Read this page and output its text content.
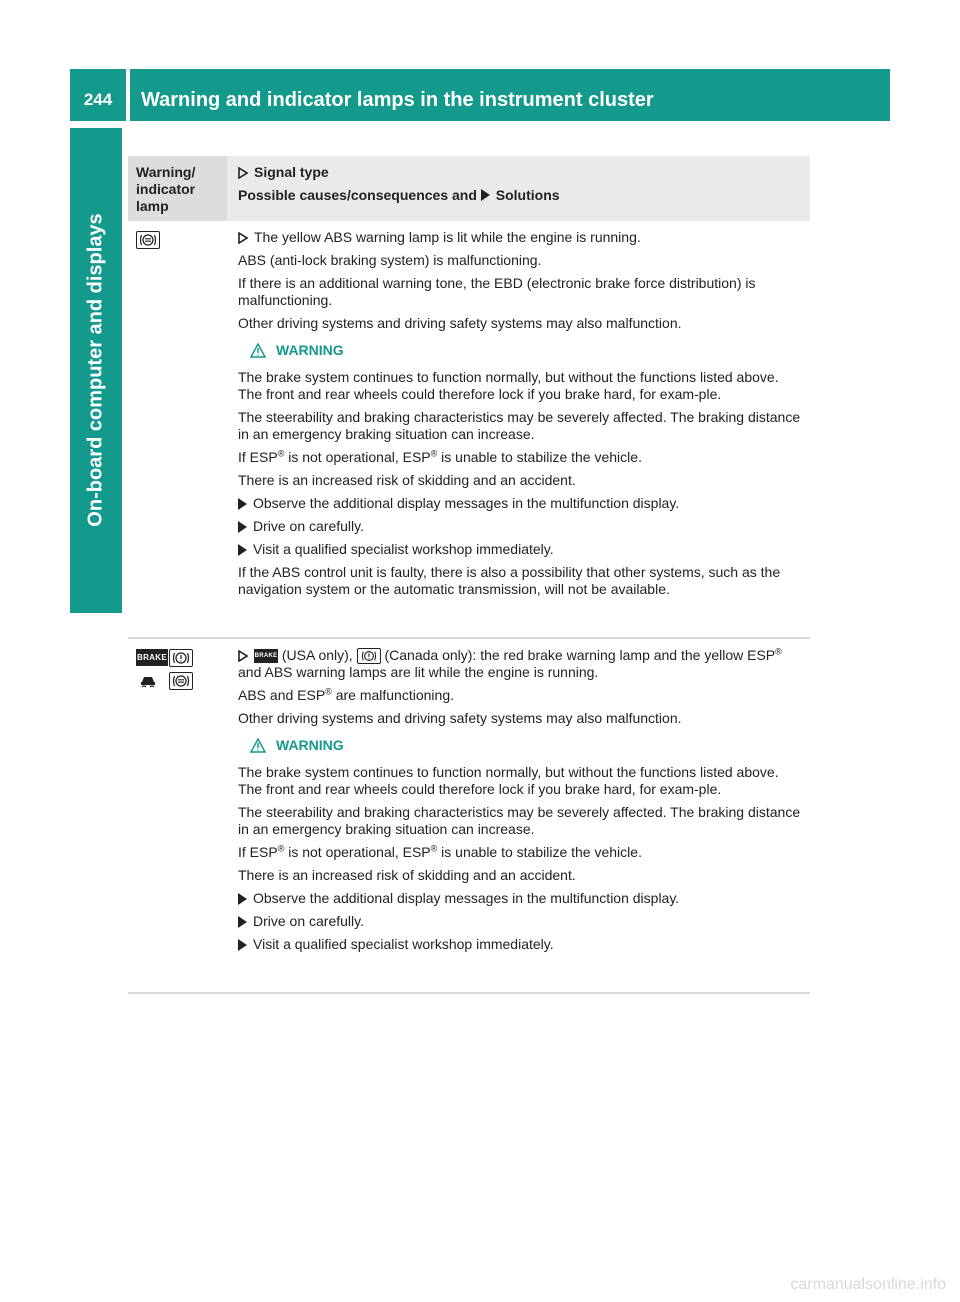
244	Warning and indicator lamps in the instrument cluster
On-board computer and displays
Warning/ indicator lamp
Signal type
Possible causes/consequences and Solutions

The yellow ABS warning lamp is lit while the engine is running.

ABS (anti-lock braking system) is malfunctioning.

If there is an additional warning tone, the EBD (electronic brake force distribution) is malfunctioning.

Other driving systems and driving safety systems may also malfunction.

WARNING

The brake system continues to function normally, but without the functions listed above. The front and rear wheels could therefore lock if you brake hard, for exam-ple.

The steerability and braking characteristics may be severely affected. The braking distance in an emergency braking situation can increase.

If ESP® is not operational, ESP® is unable to stabilize the vehicle.

There is an increased risk of skidding and an accident.

Observe the additional display messages in the multifunction display.

Drive on carefully.

Visit a qualified specialist workshop immediately.

If the ABS control unit is faulty, there is also a possibility that other systems, such as the navigation system or the automatic transmission, will not be available.

BRAKE	BRAKE (USA only), (Canada only): the red brake warning lamp and the yellow ESP® and ABS warning lamps are lit while the engine is running.

ABS and ESP® are malfunctioning.

Other driving systems and driving safety systems may also malfunction.

WARNING

The brake system continues to function normally, but without the functions listed above. The front and rear wheels could therefore lock if you brake hard, for exam-ple.

The steerability and braking characteristics may be severely affected. The braking distance in an emergency braking situation can increase.

If ESP® is not operational, ESP® is unable to stabilize the vehicle.

There is an increased risk of skidding and an accident.

Observe the additional display messages in the multifunction display.

Drive on carefully.

Visit a qualified specialist workshop immediately.

carmanualsonline.info
